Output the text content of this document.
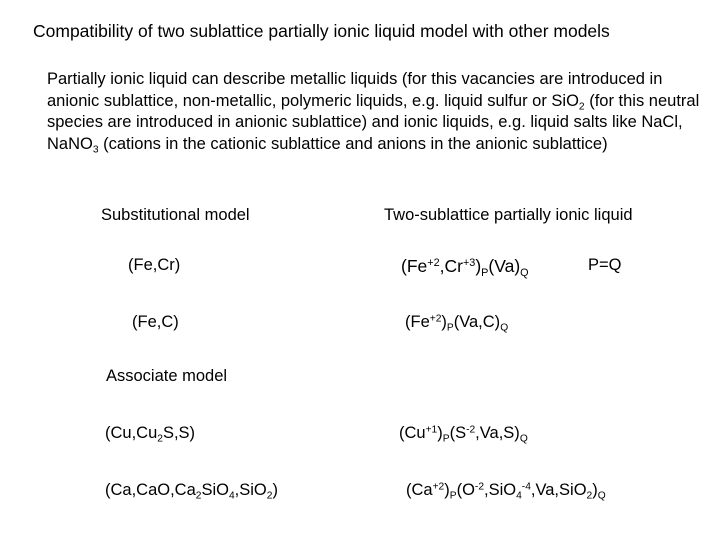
Compatibility of two sublattice partially ionic liquid model with other models
Partially ionic liquid can describe metallic liquids (for this vacancies are introduced in anionic sublattice, non-metallic, polymeric liquids, e.g. liquid sulfur or SiO$_2$ (for this neutral species are introduced in anionic sublattice) and ionic liquids, e.g. liquid salts like NaCl, NaNO$_3$ (cations in the cationic sublattice and anions in the anionic sublattice)
Substitutional model	Two-sublattice partially ionic liquid
(Fe,Cr)	$(Fe^{+2},Cr^{+3})_P(Va)_Q$	P=Q
(Fe,C)	$(Fe^{+2})_P(Va,C)_Q$
Associate model
$(Cu,Cu_2S,S)$	$(Cu^{+1})_P(S^{-2},Va,S)_Q$
$(Ca,CaO,Ca_2SiO_4,SiO_2)$	$(Ca^{+2})_P(O^{-2},SiO_4^{-4},Va,SiO_2)_Q$
